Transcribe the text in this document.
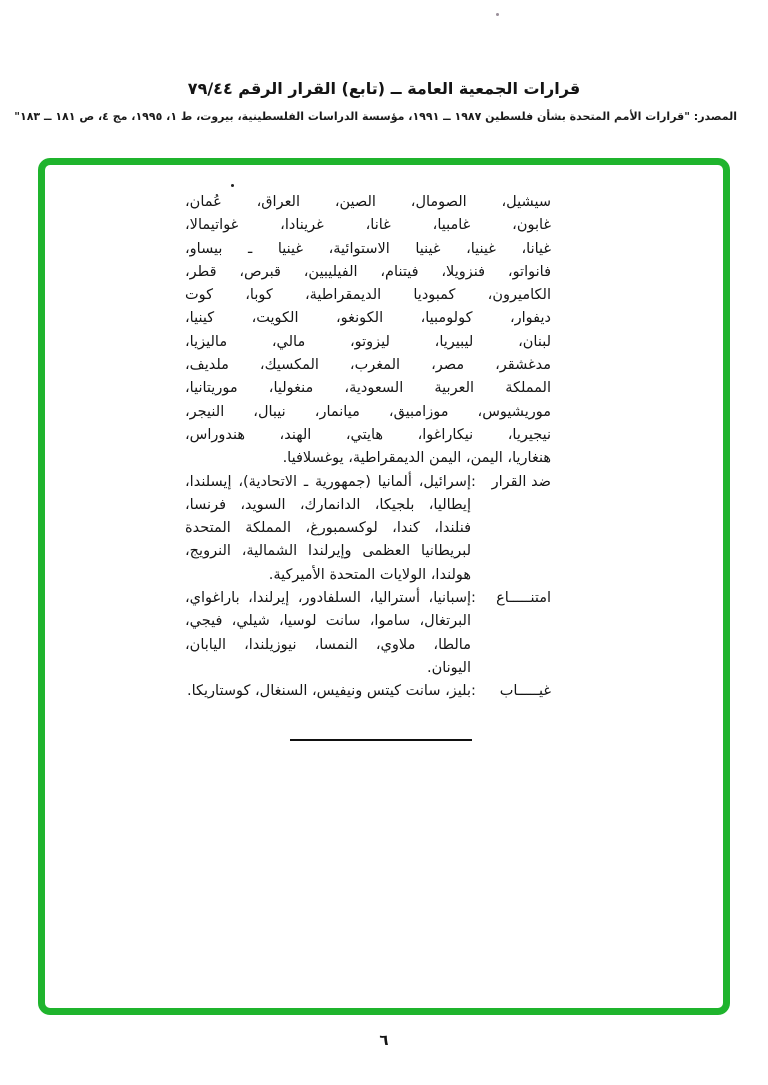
قرارات الجمعية العامة ــ (تابع) القرار الرقم ٧٩/٤٤
المصدر: "قرارات الأمم المتحدة بشأن فلسطين ١٩٨٧ ــ ١٩٩١، مؤسسة الدراسات الفلسطينية، بيروت، ط ١، ١٩٩٥، مج ٤، ص ١٨١ ــ ١٨٣"
سيشيل، الصومال، الصين، العراق، عُمان،
غابون، غامبيا، غانا، غرينادا، غواتيمالا،
غيانا، غينيا، غينيا الاستوائية، غينيا ـ بيساو،
فانواتو، فنزويلا، فيتنام، الفيليبين، قبرص، قطر،
الكاميرون، كمبوديا الديمقراطية، كوبا، كوت
ديفوار، كولومبيا، الكونغو، الكويت، كينيا،
لبنان، ليبيريا، ليزوتو، مالي، ماليزيا،
مدغشقر، مصر، المغرب، المكسيك، ملديف،
المملكة العربية السعودية، منغوليا، موريتانيا،
موريشيوس، موزامبيق، ميانمار، نيبال، النيجر،
نيجيريا، نيكاراغوا، هايتي، الهند، هندوراس،
هنغاريا، اليمن، اليمن الديمقراطية، يوغسلافيا.
ضد القرار
:
إسرائيل، ألمانيا (جمهورية ـ الاتحادية)، إيسلندا،
إيطاليا، بلجيكا، الدانمارك، السويد، فرنسا،
فنلندا، كندا، لوكسمبورغ، المملكة المتحدة
لبريطانيا العظمى وإيرلندا الشمالية، النرويج،
هولندا، الولايات المتحدة الأميركية.
امتنـــــاع
:
إسبانيا، أستراليا، السلفادور، إيرلندا، باراغواي،
البرتغال، ساموا، سانت لوسيا، شيلي، فيجي،
مالطا، ملاوي، النمسا، نيوزيلندا، اليابان،
اليونان.
غيـــــاب
:
بليز، سانت كيتس ونيفيس، السنغال، كوستاريكا.
٦
